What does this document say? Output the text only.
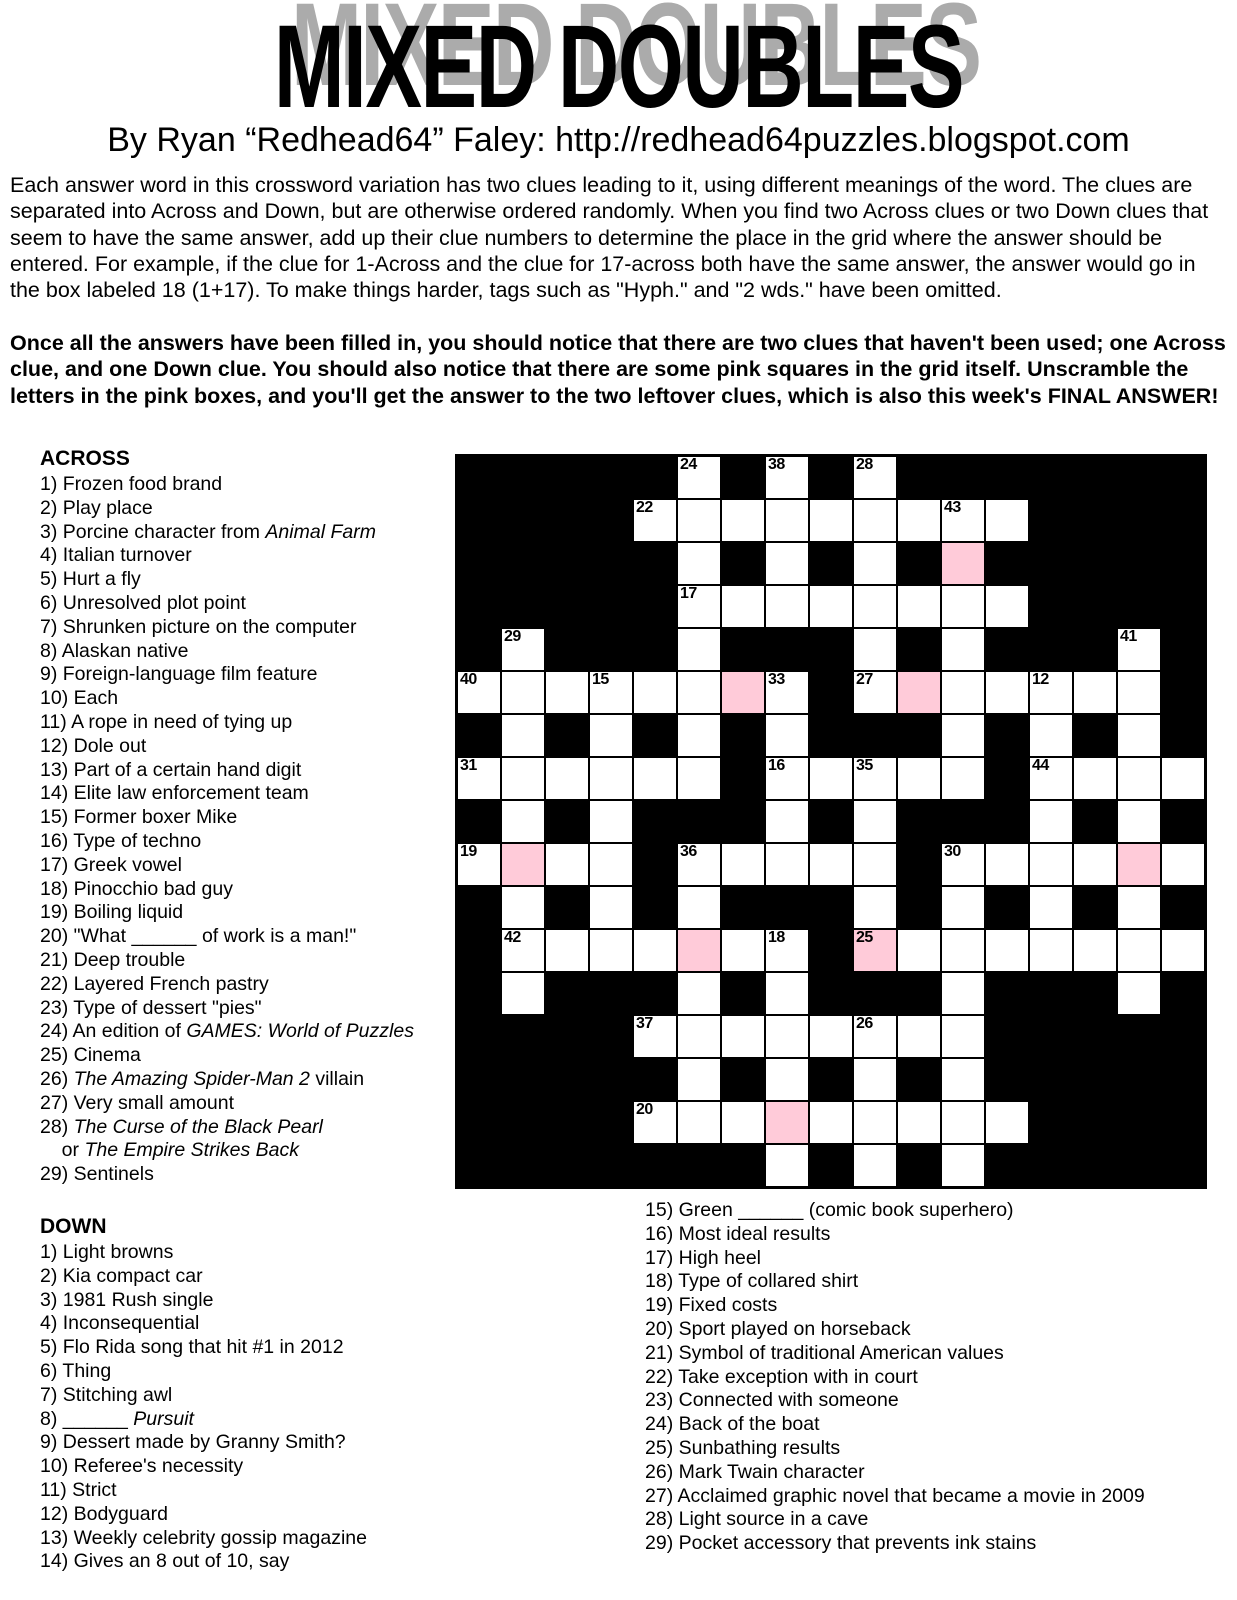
MIXED DOUBLES
By Ryan “Redhead64” Faley: http://redhead64puzzles.blogspot.com
Each answer word in this crossword variation has two clues leading to it, using different meanings of the word. The clues are separated into Across and Down, but are otherwise ordered randomly. When you find two Across clues or two Down clues that seem to have the same answer, add up their clue numbers to determine the place in the grid where the answer should be entered. For example, if the clue for 1-Across and the clue for 17-across both have the same answer, the answer would go in the box labeled 18 (1+17). To make things harder, tags such as "Hyph." and "2 wds." have been omitted.
Once all the answers have been filled in, you should notice that there are two clues that haven't been used; one Across clue, and one Down clue. You should also notice that there are some pink squares in the grid itself. Unscramble the letters in the pink boxes, and you'll get the answer to the two leftover clues, which is also this week's FINAL ANSWER!
ACROSS
1) Frozen food brand
2) Play place
3) Porcine character from Animal Farm
4) Italian turnover
5) Hurt a fly
6) Unresolved plot point
7) Shrunken picture on the computer
8) Alaskan native
9) Foreign-language film feature
10) Each
11) A rope in need of tying up
12) Dole out
13) Part of a certain hand digit
14) Elite law enforcement team
15) Former boxer Mike
16) Type of techno
17) Greek vowel
18) Pinocchio bad guy
19) Boiling liquid
20) "What ______ of work is a man!"
21) Deep trouble
22) Layered French pastry
23) Type of dessert "pies"
24) An edition of GAMES: World of Puzzles
25) Cinema
26) The Amazing Spider-Man 2 villain
27) Very small amount
28) The Curse of the Black Pearl
or The Empire Strikes Back
29) Sentinels
24	38	28
22	43
17
29	41
40	15	33	27	12
31	16	35	44
19	36	30
42	18	25
37	26
20
DOWN
1) Light browns
2) Kia compact car
3) 1981 Rush single
4) Inconsequential
5) Flo Rida song that hit #1 in 2012
6) Thing
7) Stitching awl
8) ______ Pursuit
9) Dessert made by Granny Smith?
10) Referee's necessity
11) Strict
12) Bodyguard
13) Weekly celebrity gossip magazine
14) Gives an 8 out of 10, say
15) Green ______ (comic book superhero)
16) Most ideal results
17) High heel
18) Type of collared shirt
19) Fixed costs
20) Sport played on horseback
21) Symbol of traditional American values
22) Take exception with in court
23) Connected with someone
24) Back of the boat
25) Sunbathing results
26) Mark Twain character
27) Acclaimed graphic novel that became a movie in 2009
28) Light source in a cave
29) Pocket accessory that prevents ink stains
